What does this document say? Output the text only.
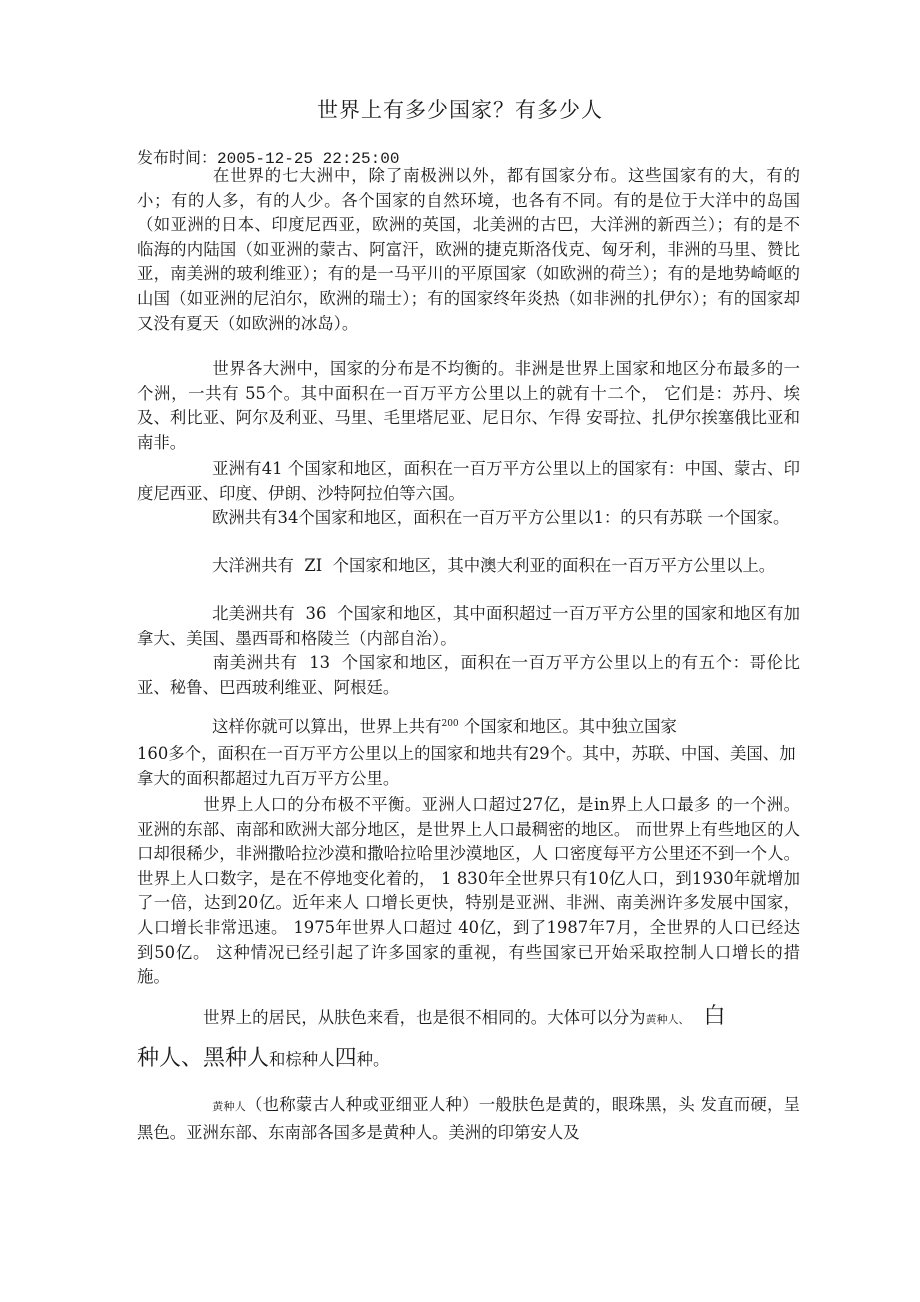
世界上有多少国家？有多少人
发布时间：2005-12-25 22:25:00

在世界的七大洲中，除了南极洲以外，都有国家分布。这些国家有的大，有的小；有的人多，有的人少。各个国家的自然环境，也各有不同。有的是位于大洋中的岛国（如亚洲的日本、印度尼西亚，欧洲的英国，北美洲的古巴，大洋洲的新西兰）；有的是不临海的内陆国（如亚洲的蒙古、阿富汗，欧洲的捷克斯洛伐克、匈牙利，非洲的马里、赞比亚，南美洲的玻利维亚）；有的是一马平川的平原国家（如欧洲的荷兰）；有的是地势崎岖的山国（如亚洲的尼泊尔，欧洲的瑞士）；有的国家终年炎热（如非洲的扎伊尔）；有的国家却又没有夏天（如欧洲的冰岛）。

世界各大洲中，国家的分布是不均衡的。非洲是世界上国家和地区分布最多的一个洲，一共有 55个。其中面积在一百万平方公里以上的就有十二个， 它们是：苏丹、埃及、利比亚、阿尔及利亚、马里、毛里塔尼亚、尼日尔、乍得 安哥拉、扎伊尔挨塞俄比亚和南非。

亚洲有41 个国家和地区，面积在一百万平方公里以上的国家有：中国、蒙古、印度尼西亚、印度、伊朗、沙特阿拉伯等六国。

欧洲共有34个国家和地区，面积在一百万平方公里以1：的只有苏联 一个国家。

大洋洲共有  ZI  个国家和地区，其中澳大利亚的面积在一百万平方公里以上。

北美洲共有  36  个国家和地区，其中面积超过一百万平方公里的国家和地区有加拿大、美国、墨西哥和格陵兰（内部自治）。

南美洲共有  13  个国家和地区，面积在一百万平方公里以上的有五个：哥伦比亚、秘鲁、巴西玻利维亚、阿根廷。

这样你就可以算出，世界上共有$^{200}$ 个国家和地区。其中独立国家
160多个，面积在一百万平方公里以上的国家和地共有29个。其中，苏联、中国、美国、加拿大的面积都超过九百万平方公里。

世界上人口的分布极不平衡。亚洲人口超过27亿，是in界上人口最多 的一个洲。亚洲的东部、南部和欧洲大部分地区，是世界上人口最稠密的地区。 而世界上有些地区的人口却很稀少，非洲撒哈拉沙漠和撒哈拉哈里沙漠地区，人 口密度每平方公里还不到一个人。世界上人口数字，是在不停地变化着的， 1 830年全世界只有10亿人口，到1930年就增加了一倍，达到20亿。近年来人 口增长更快，特别是亚洲、非洲、南美洲许多发展中国家，人口增长非常迅速。 1975年世界人口超过 40亿，到了1987年7月，全世界的人口已经达到50亿。 这种情况已经引起了许多国家的重视，有些国家已开始采取控制人口增长的措 施。

世界上的居民，从肤色来看，也是很不相同的。大体可以分为黄种人、 白
种人、黑种人和棕种人四种。

黄种人（也称蒙古人种或亚细亚人种）一般肤色是黄的，眼珠黑，头 发直而硬，呈黑色。亚洲东部、东南部各国多是黄种人。美洲的印第安人及
